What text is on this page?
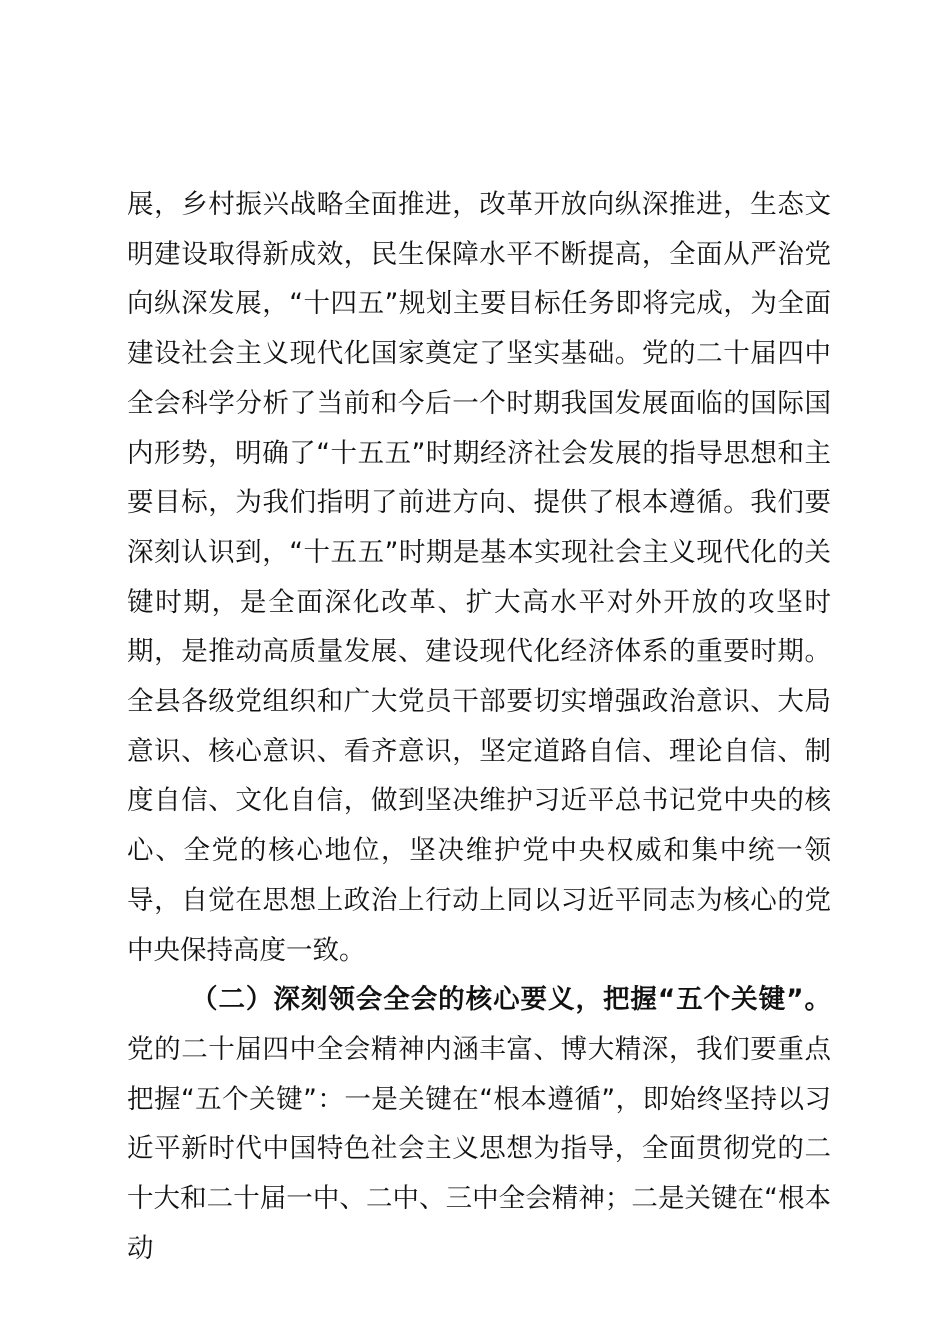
展，乡村振兴战略全面推进，改革开放向纵深推进，生态文明建设取得新成效，民生保障水平不断提高，全面从严治党向纵深发展，“十四五”规划主要目标任务即将完成，为全面建设社会主义现代化国家奠定了坚实基础。党的二十届四中全会科学分析了当前和今后一个时期我国发展面临的国际国内形势，明确了“十五五”时期经济社会发展的指导思想和主要目标，为我们指明了前进方向、提供了根本遵循。我们要深刻认识到，“十五五”时期是基本实现社会主义现代化的关键时期，是全面深化改革、扩大高水平对外开放的攻坚时期，是推动高质量发展、建设现代化经济体系的重要时期。全县各级党组织和广大党员干部要切实增强政治意识、大局意识、核心意识、看齐意识，坚定道路自信、理论自信、制度自信、文化自信，做到坚决维护习近平总书记党中央的核心、全党的核心地位，坚决维护党中央权威和集中统一领导，自觉在思想上政治上行动上同以习近平同志为核心的党中央保持高度一致。

（二）深刻领会全会的核心要义，把握“五个关键”。党的二十届四中全会精神内涵丰富、博大精深，我们要重点把握“五个关键”：一是关键在“根本遵循”，即始终坚持以习近平新时代中国特色社会主义思想为指导，全面贯彻党的二十大和二十届一中、二中、三中全会精神；二是关键在“根本动
